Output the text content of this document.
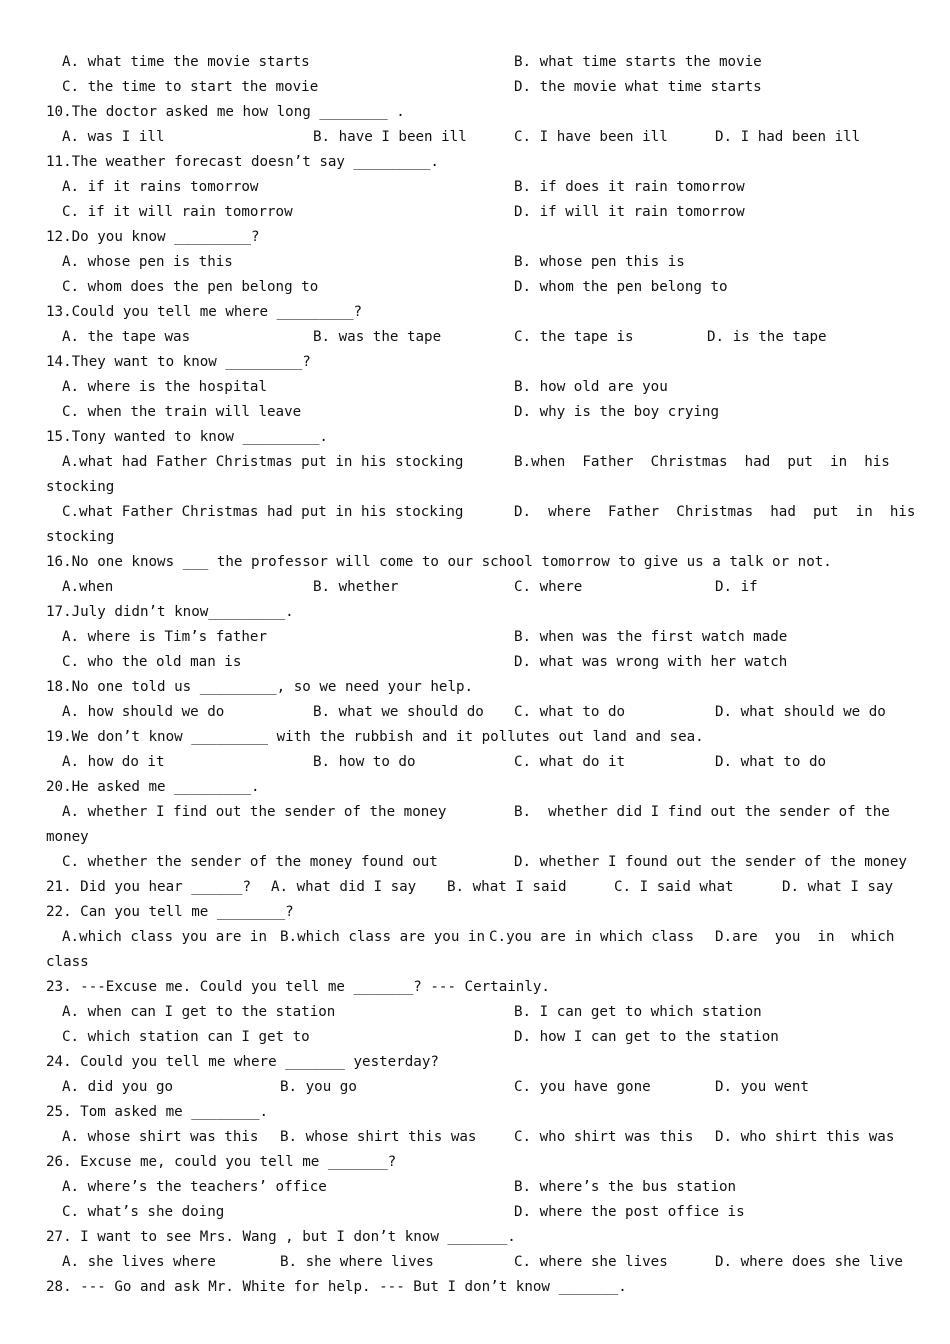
A. what time the movie starts	B. what time starts the movie
C. the time to start the movie	D. the movie what time starts
10.The doctor asked me how long ________ .
A. was I ill	B. have I been ill	C. I have been ill	D. I had been ill
11.The weather forecast doesn’t say _________.
A. if it rains tomorrow	B. if does it rain tomorrow
C. if it will rain tomorrow	D. if will it rain tomorrow
12.Do you know _________?
A. whose pen is this	B. whose pen this is
C. whom does the pen belong to	D. whom the pen belong to
13.Could you tell me where _________?
A. the tape was	B. was the tape	C. the tape is	D. is the tape
14.They want to know _________?
A. where is the hospital	B. how old are you
C. when the train will leave	D. why is the boy crying
15.Tony wanted to know _________.
A.what had Father Christmas put in his stocking	B.when  Father  Christmas  had  put  in  his
stocking
C.what Father Christmas had put in his stocking	D.  where  Father  Christmas  had  put  in  his
stocking
16.No one knows ___ the professor will come to our school tomorrow to give us a talk or not.
A.when	B. whether	C. where	D. if
17.July didn’t know_________.
A. where is Tim’s father	B. when was the first watch made
C. who the old man is	D. what was wrong with her watch
18.No one told us _________, so we need your help.
A. how should we do	B. what we should do C. what to do	D. what should we do
19.We don’t know _________ with the rubbish and it pollutes out land and sea.
A. how do it	B. how to do	C. what do it	D. what to do
20.He asked me _________.
A. whether I find out the sender of the money	B.  whether did I find out the sender of the
money
C. whether the sender of the money found out	D. whether I found out the sender of the money
21. Did you hear ______? A. what did I say B. what I said	C. I said what	D. what I say
22. Can you tell me ________?
A.which class you are in B.which class are you in C.you are in which class D.are  you  in  which
class
23. ---Excuse me. Could you tell me _______? --- Certainly.
A. when can I get to the station	B. I can get to which station
C. which station can I get to	D. how I can get to the station
24. Could you tell me where _______ yesterday?
A. did you go	B. you go	C. you have gone	D. you went
25. Tom asked me ________.
A. whose shirt was this B. whose shirt this was	C. who shirt was this D. who shirt this was
26. Excuse me, could you tell me _______?
A. where’s the teachers’ office	B. where’s the bus station
C. what’s she doing	D. where the post office is
27. I want to see Mrs. Wang , but I don’t know _______.
A. she lives where	B. she where lives	C. where she lives	D. where does she live
28. --- Go and ask Mr. White for help. --- But I don’t know _______.
